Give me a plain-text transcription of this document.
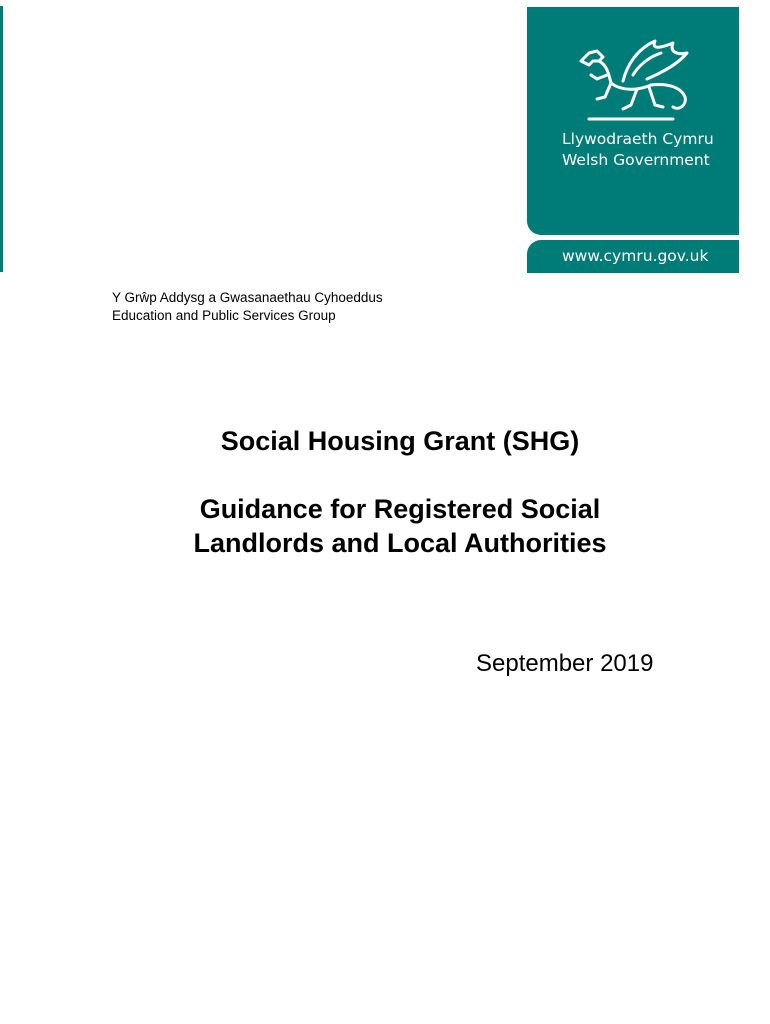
Llywodraeth Cymru
Welsh Government
www.cymru.gov.uk
Y Grŵp Addysg a Gwasanaethau Cyhoeddus
Education and Public Services Group
Social Housing Grant (SHG)
Guidance for Registered Social
Landlords and Local Authorities
September 2019
